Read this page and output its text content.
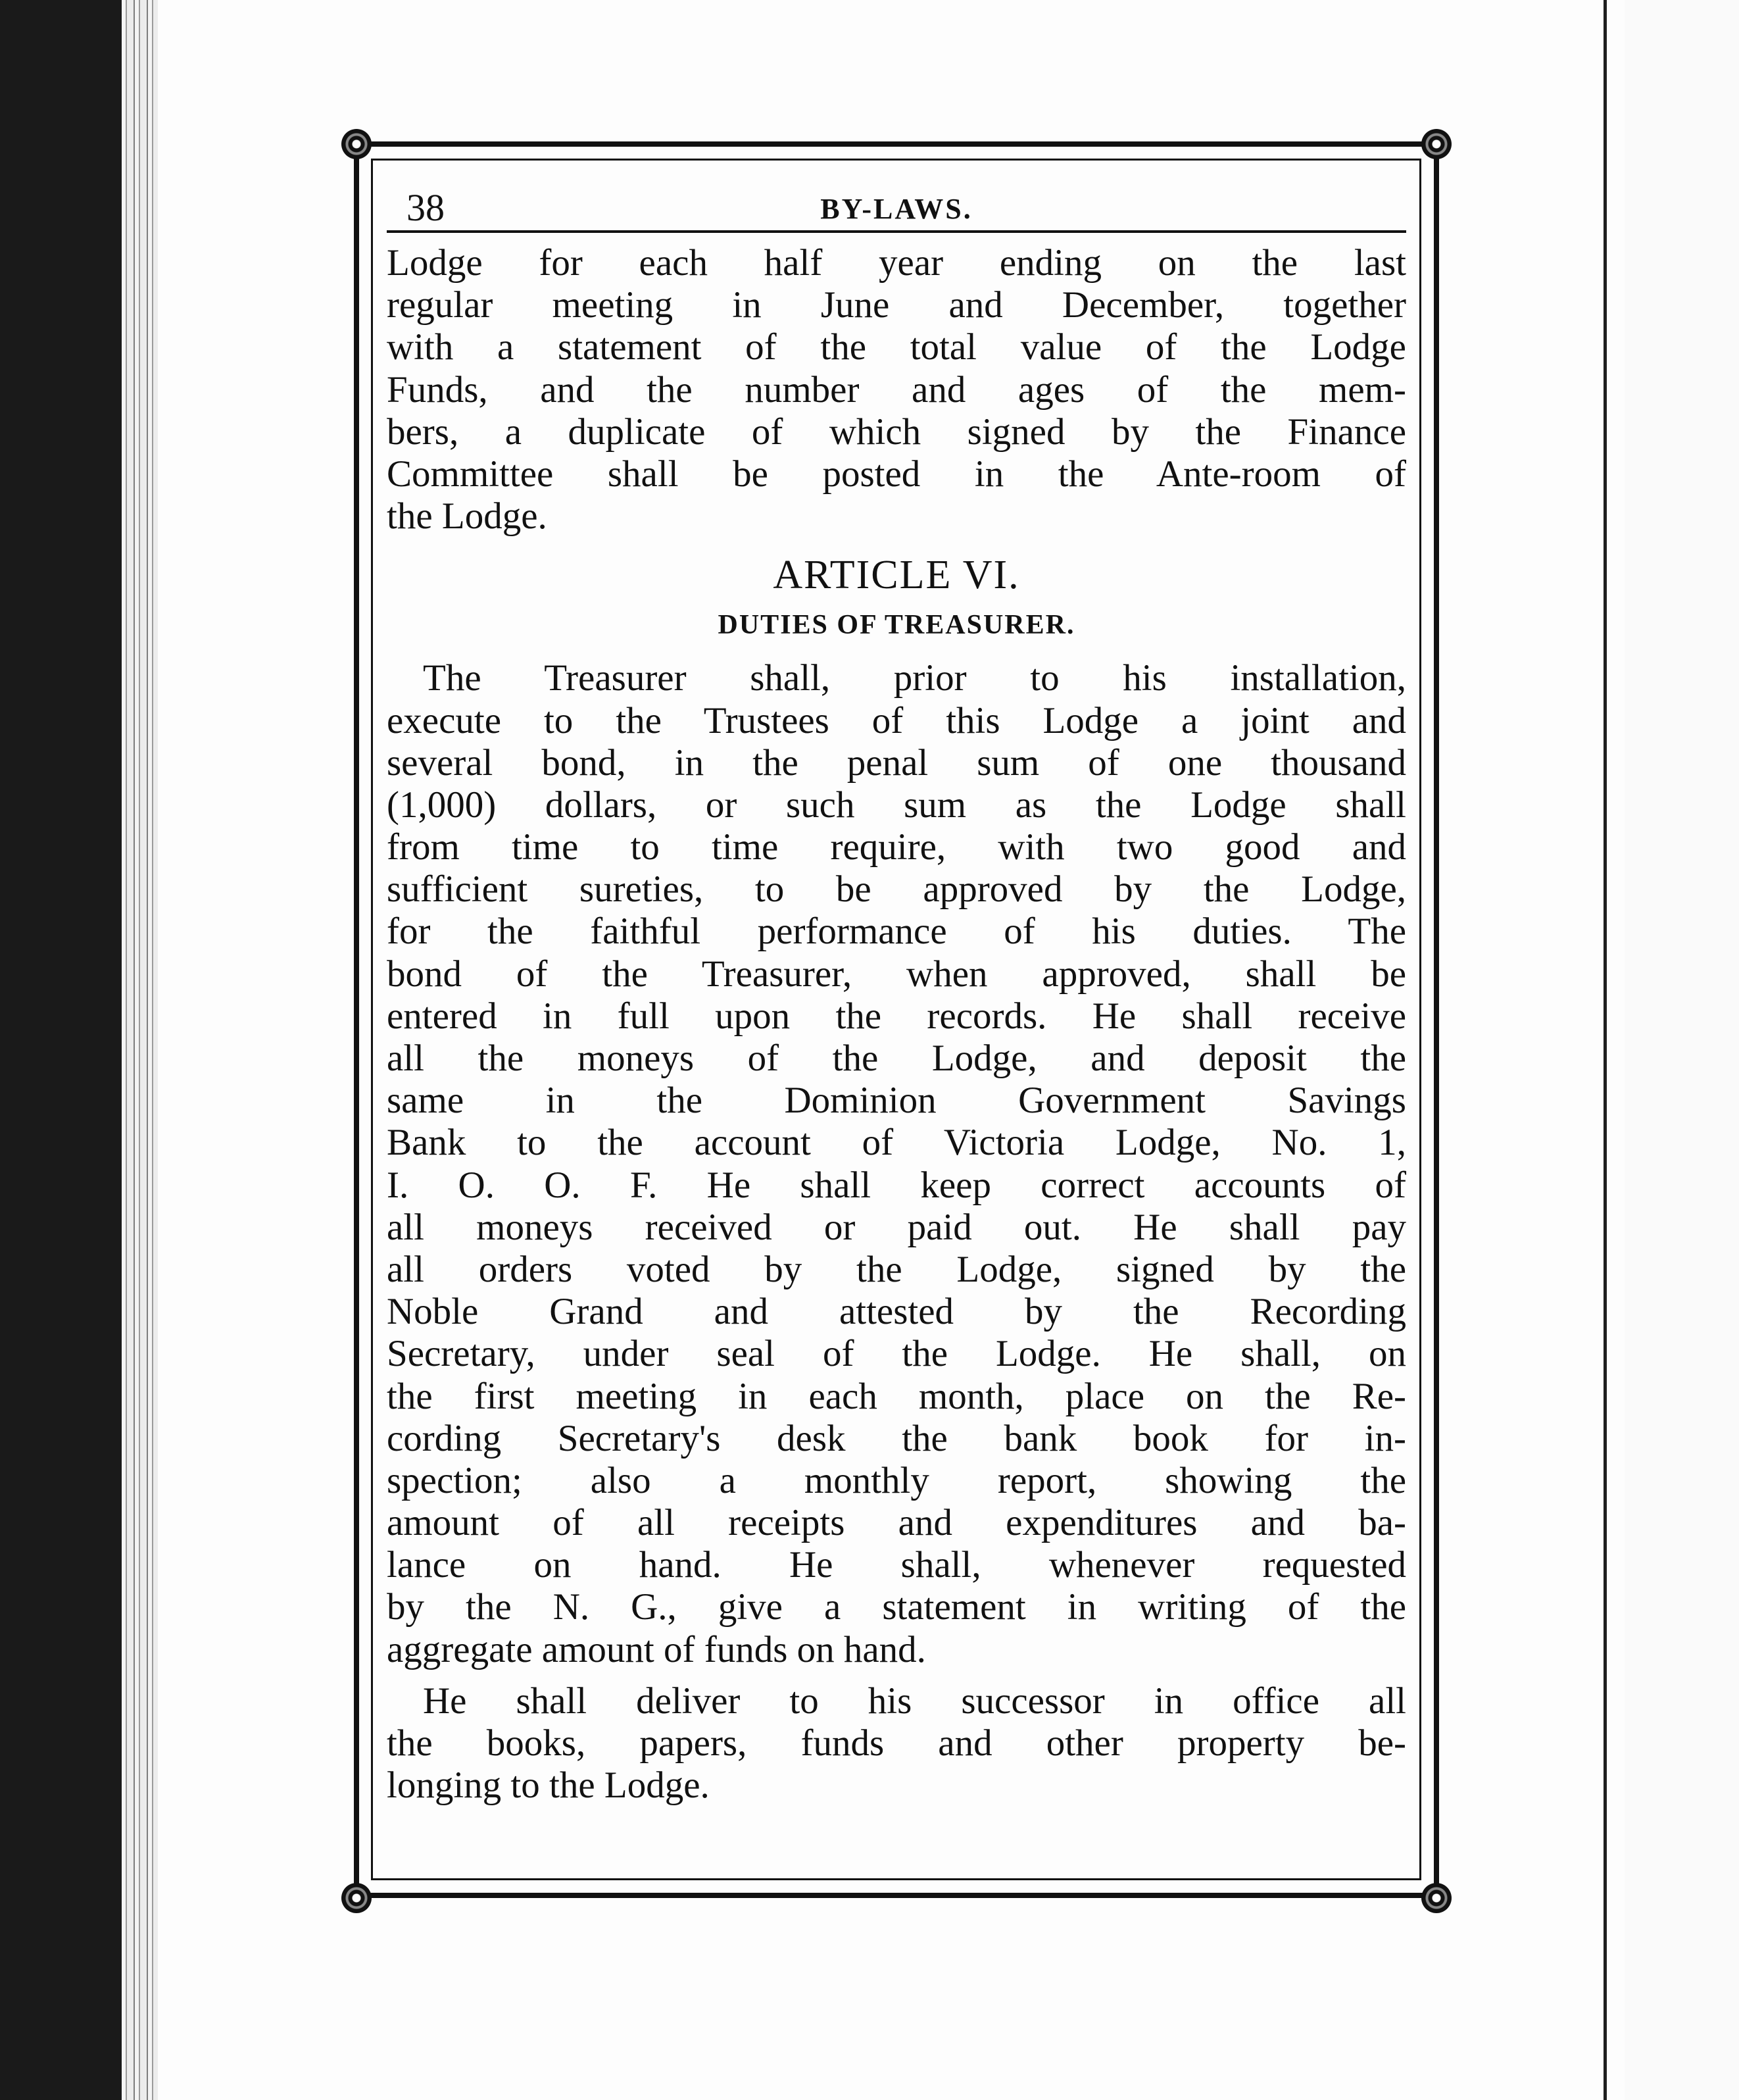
38	BY-LAWS.
Lodge for each half year ending on the last
regular meeting in June and December, together
with a statement of the total value of the Lodge
Funds, and the number and ages of the mem-
bers, a duplicate of which signed by the Finance
Committee shall be posted in the Ante-room of
the Lodge.
ARTICLE VI.
DUTIES OF TREASURER.
The Treasurer shall, prior to his installation,
execute to the Trustees of this Lodge a joint and
several bond, in the penal sum of one thousand
(1,000) dollars, or such sum as the Lodge shall
from time to time require, with two good and
sufficient sureties, to be approved by the Lodge,
for the faithful performance of his duties. The
bond of the Treasurer, when approved, shall be
entered in full upon the records. He shall receive
all the moneys of the Lodge, and deposit the
same in the Dominion Government Savings
Bank to the account of Victoria Lodge, No. 1,
I. O. O. F. He shall keep correct accounts of
all moneys received or paid out. He shall pay
all orders voted by the Lodge, signed by the
Noble Grand and attested by the Recording
Secretary, under seal of the Lodge. He shall, on
the first meeting in each month, place on the Re-
cording Secretary's desk the bank book for in-
spection; also a monthly report, showing the
amount of all receipts and expenditures and ba-
lance on hand. He shall, whenever requested
by the N. G., give a statement in writing of the
aggregate amount of funds on hand.
He shall deliver to his successor in office all
the books, papers, funds and other property be-
longing to the Lodge.
